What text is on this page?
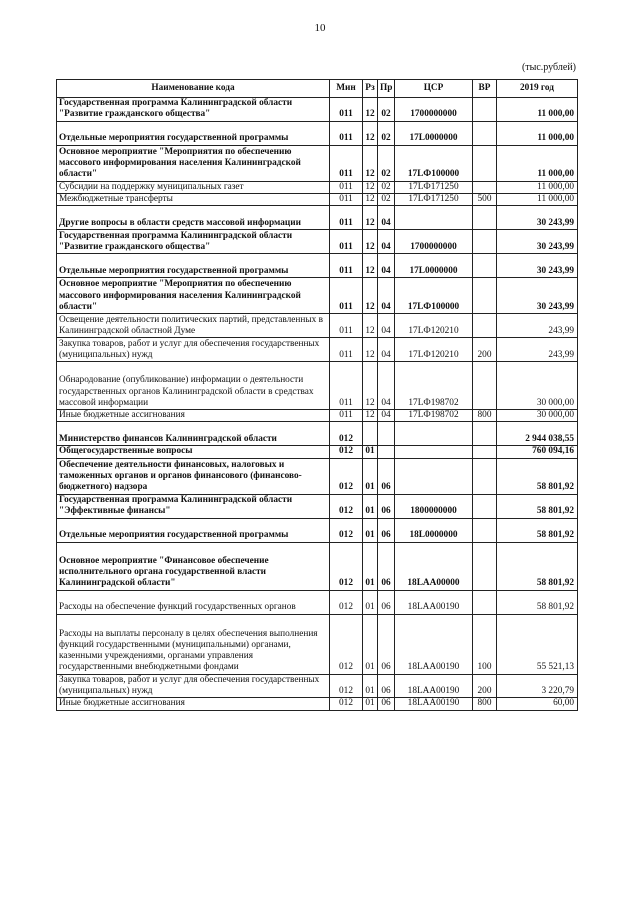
10
(тыс.рублей)
Наименование кода	Мин	Рз	Пр	ЦСР	ВР	2019 год
Государственная программа Калининградской области "Развитие гражданского общества"	011	12	02	1700000000		11 000,00
Отдельные мероприятия государственной программы	011	12	02	17L0000000		11 000,00
Основное мероприятие "Мероприятия по обеспечению массового информирования населения Калининградской области"	011	12	02	17LФ100000		11 000,00
Субсидии на поддержку муниципальных газет	011	12	02	17LФ171250		11 000,00
Межбюджетные трансферты	011	12	02	17LФ171250	500	11 000,00
Другие вопросы в области средств массовой информации	011	12	04			30 243,99
Государственная программа Калининградской области "Развитие гражданского общества"	011	12	04	1700000000		30 243,99
Отдельные мероприятия государственной программы	011	12	04	17L0000000		30 243,99
Основное мероприятие "Мероприятия по обеспечению массового информирования населения Калининградской области"	011	12	04	17LФ100000		30 243,99
Освещение деятельности политических партий, представленных в Калининградской областной Думе	011	12	04	17LФ120210		243,99
Закупка товаров, работ и услуг для обеспечения государственных (муниципальных) нужд	011	12	04	17LФ120210	200	243,99
Обнародование (опубликование) информации о деятельности государственных органов Калининградской области в средствах массовой информации	011	12	04	17LФ198702		30 000,00
Иные бюджетные ассигнования	011	12	04	17LФ198702	800	30 000,00
Министерство финансов Калининградской области	012					2 944 038,55
Общегосударственные вопросы	012	01				760 094,16
Обеспечение деятельности финансовых, налоговых и таможенных органов и органов финансового (финансово-бюджетного) надзора	012	01	06			58 801,92
Государственная программа Калининградской области "Эффективные финансы"	012	01	06	1800000000		58 801,92
Отдельные мероприятия государственной программы	012	01	06	18L0000000		58 801,92
Основное мероприятие "Финансовое обеспечение исполнительного органа государственной власти Калининградской области"	012	01	06	18LAA00000		58 801,92
Расходы на обеспечение функций государственных органов	012	01	06	18LAA00190		58 801,92
Расходы на выплаты персоналу в целях обеспечения выполнения функций государственными (муниципальными) органами, казенными учреждениями, органами управления государственными внебюджетными фондами	012	01	06	18LAA00190	100	55 521,13
Закупка товаров, работ и услуг для обеспечения государственных (муниципальных) нужд	012	01	06	18LAA00190	200	3 220,79
Иные бюджетные ассигнования	012	01	06	18LAA00190	800	60,00
